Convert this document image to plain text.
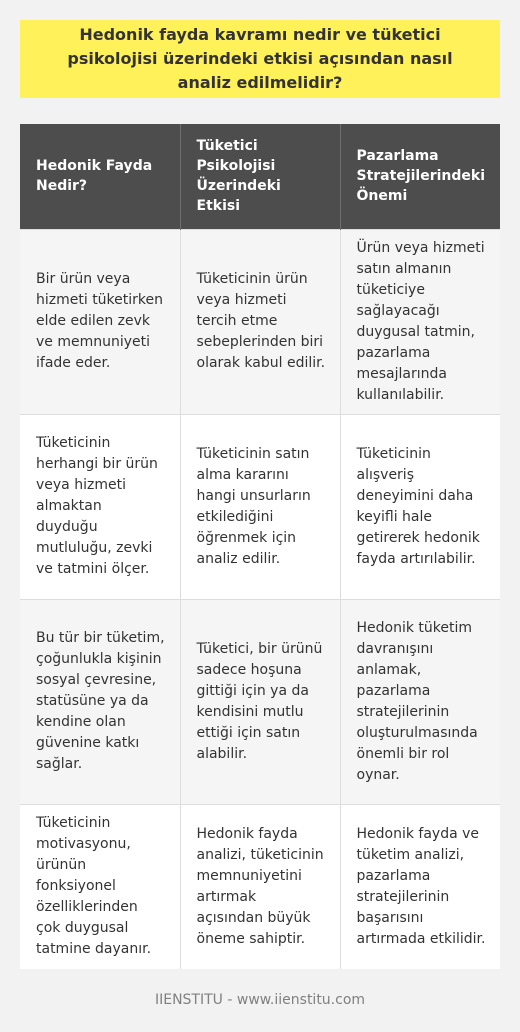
Hedonik fayda kavramı nedir ve tüketici psikolojisi üzerindeki etkisi açısından nasıl analiz edilmelidir?
Hedonik Fayda Nedir?	Tüketici Psikolojisi Üzerindeki Etkisi	Pazarlama Stratejilerindeki Önemi
Bir ürün veya hizmeti tüketirken elde edilen zevk ve memnuniyeti ifade eder.	Tüketicinin ürün veya hizmeti tercih etme sebeplerinden biri olarak kabul edilir.	Ürün veya hizmeti satın almanın tüketiciye sağlayacağı duygusal tatmin, pazarlama mesajlarında kullanılabilir.
Tüketicinin herhangi bir ürün veya hizmeti almaktan duyduğu mutluluğu, zevki ve tatmini ölçer.	Tüketicinin satın alma kararını hangi unsurların etkilediğini öğrenmek için analiz edilir.	Tüketicinin alışveriş deneyimini daha keyifli hale getirerek hedonik fayda artırılabilir.
Bu tür bir tüketim, çoğunlukla kişinin sosyal çevresine, statüsüne ya da kendine olan güvenine katkı sağlar.	Tüketici, bir ürünü sadece hoşuna gittiği için ya da kendisini mutlu ettiği için satın alabilir.	Hedonik tüketim davranışını anlamak, pazarlama stratejilerinin oluşturulmasında önemli bir rol oynar.
Tüketicinin motivasyonu, ürünün fonksiyonel özelliklerinden çok duygusal tatmine dayanır.	Hedonik fayda analizi, tüketicinin memnuniyetini artırmak açısından büyük öneme sahiptir.	Hedonik fayda ve tüketim analizi, pazarlama stratejilerinin başarısını artırmada etkilidir.
IIENSTITU - www.iienstitu.com
